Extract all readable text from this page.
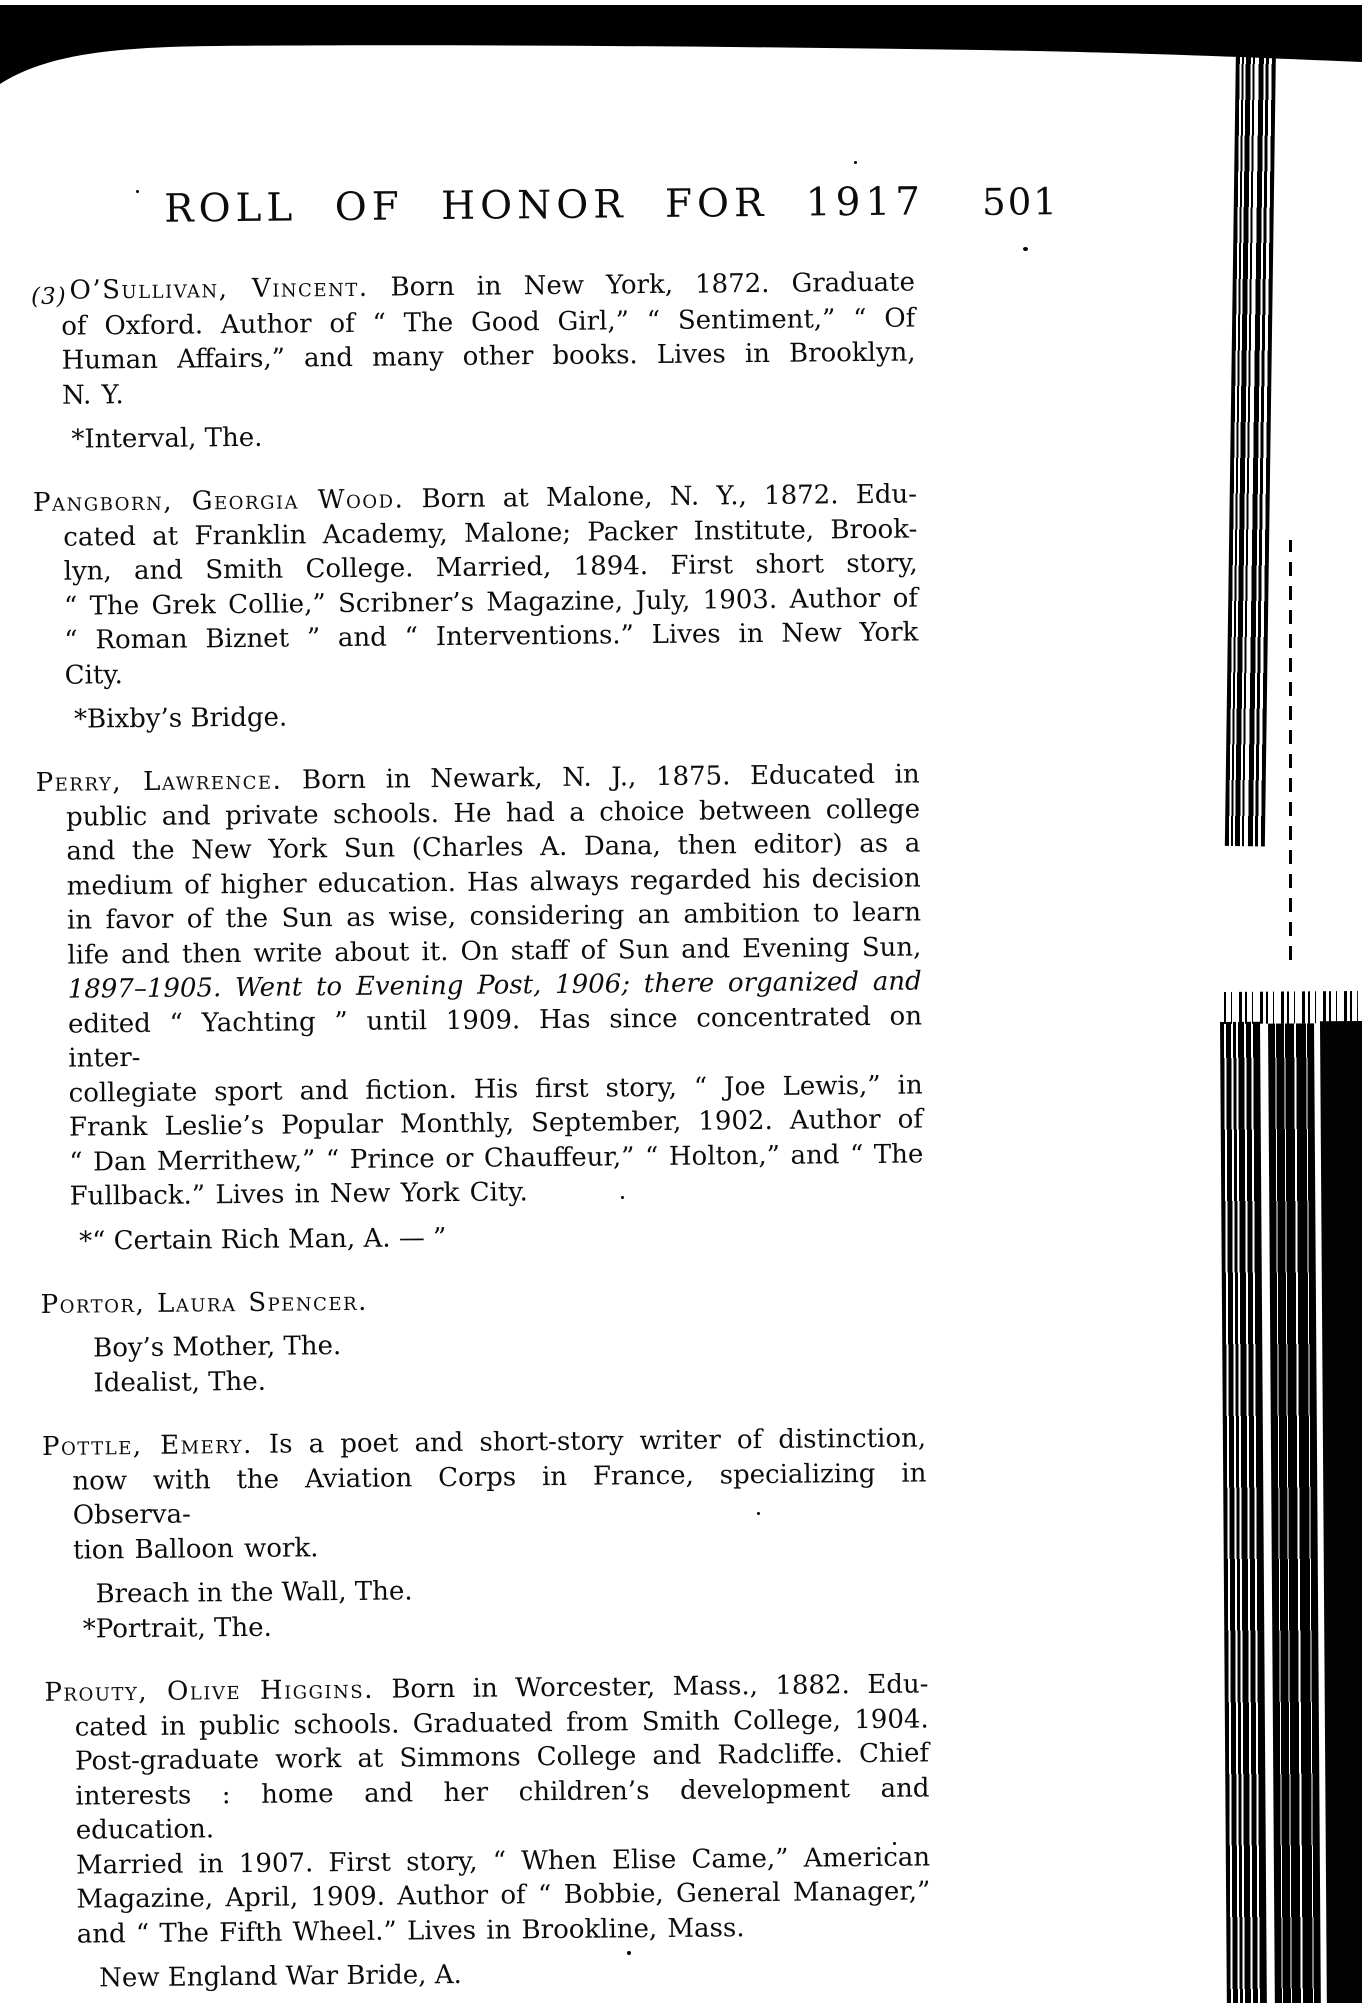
ROLL OF HONOR FOR 1917 501
(3) O’Sullivan, Vincent. Born in New York, 1872. Graduate
of Oxford. Author of “ The Good Girl,” “ Sentiment,” “ Of
Human Affairs,” and many other books. Lives in Brooklyn,
N. Y.
*Interval, The.
Pangborn, Georgia Wood. Born at Malone, N. Y., 1872. Edu-
cated at Franklin Academy, Malone; Packer Institute, Brook-
lyn, and Smith College. Married, 1894. First short story,
“ The Grek Collie,” Scribner’s Magazine, July, 1903. Author of
“ Roman Biznet ” and “ Interventions.” Lives in New York
City.
*Bixby’s Bridge.
Perry, Lawrence. Born in Newark, N. J., 1875. Educated in
public and private schools. He had a choice between college
and the New York Sun (Charles A. Dana, then editor) as a
medium of higher education. Has always regarded his decision
in favor of the Sun as wise, considering an ambition to learn
life and then write about it. On staff of Sun and Evening Sun,
1897–1905. Went to Evening Post, 1906; there organized and
edited “ Yachting ” until 1909. Has since concentrated on inter-
collegiate sport and fiction. His first story, “ Joe Lewis,” in
Frank Leslie’s Popular Monthly, September, 1902. Author of
“ Dan Merrithew,” “ Prince or Chauffeur,” “ Holton,” and “ The
Fullback.” Lives in New York City.
*“ Certain Rich Man, A. — ”
Portor, Laura Spencer.
Boy’s Mother, The.
Idealist, The.
Pottle, Emery. Is a poet and short-story writer of distinction,
now with the Aviation Corps in France, specializing in Observa-
tion Balloon work.
Breach in the Wall, The.
*Portrait, The.
Prouty, Olive Higgins. Born in Worcester, Mass., 1882. Edu-
cated in public schools. Graduated from Smith College, 1904.
Post-graduate work at Simmons College and Radcliffe. Chief
interests : home and her children’s development and education.
Married in 1907. First story, “ When Elise Came,” American
Magazine, April, 1909. Author of “ Bobbie, General Manager,”
and “ The Fifth Wheel.” Lives in Brookline, Mass.
New England War Bride, A.
